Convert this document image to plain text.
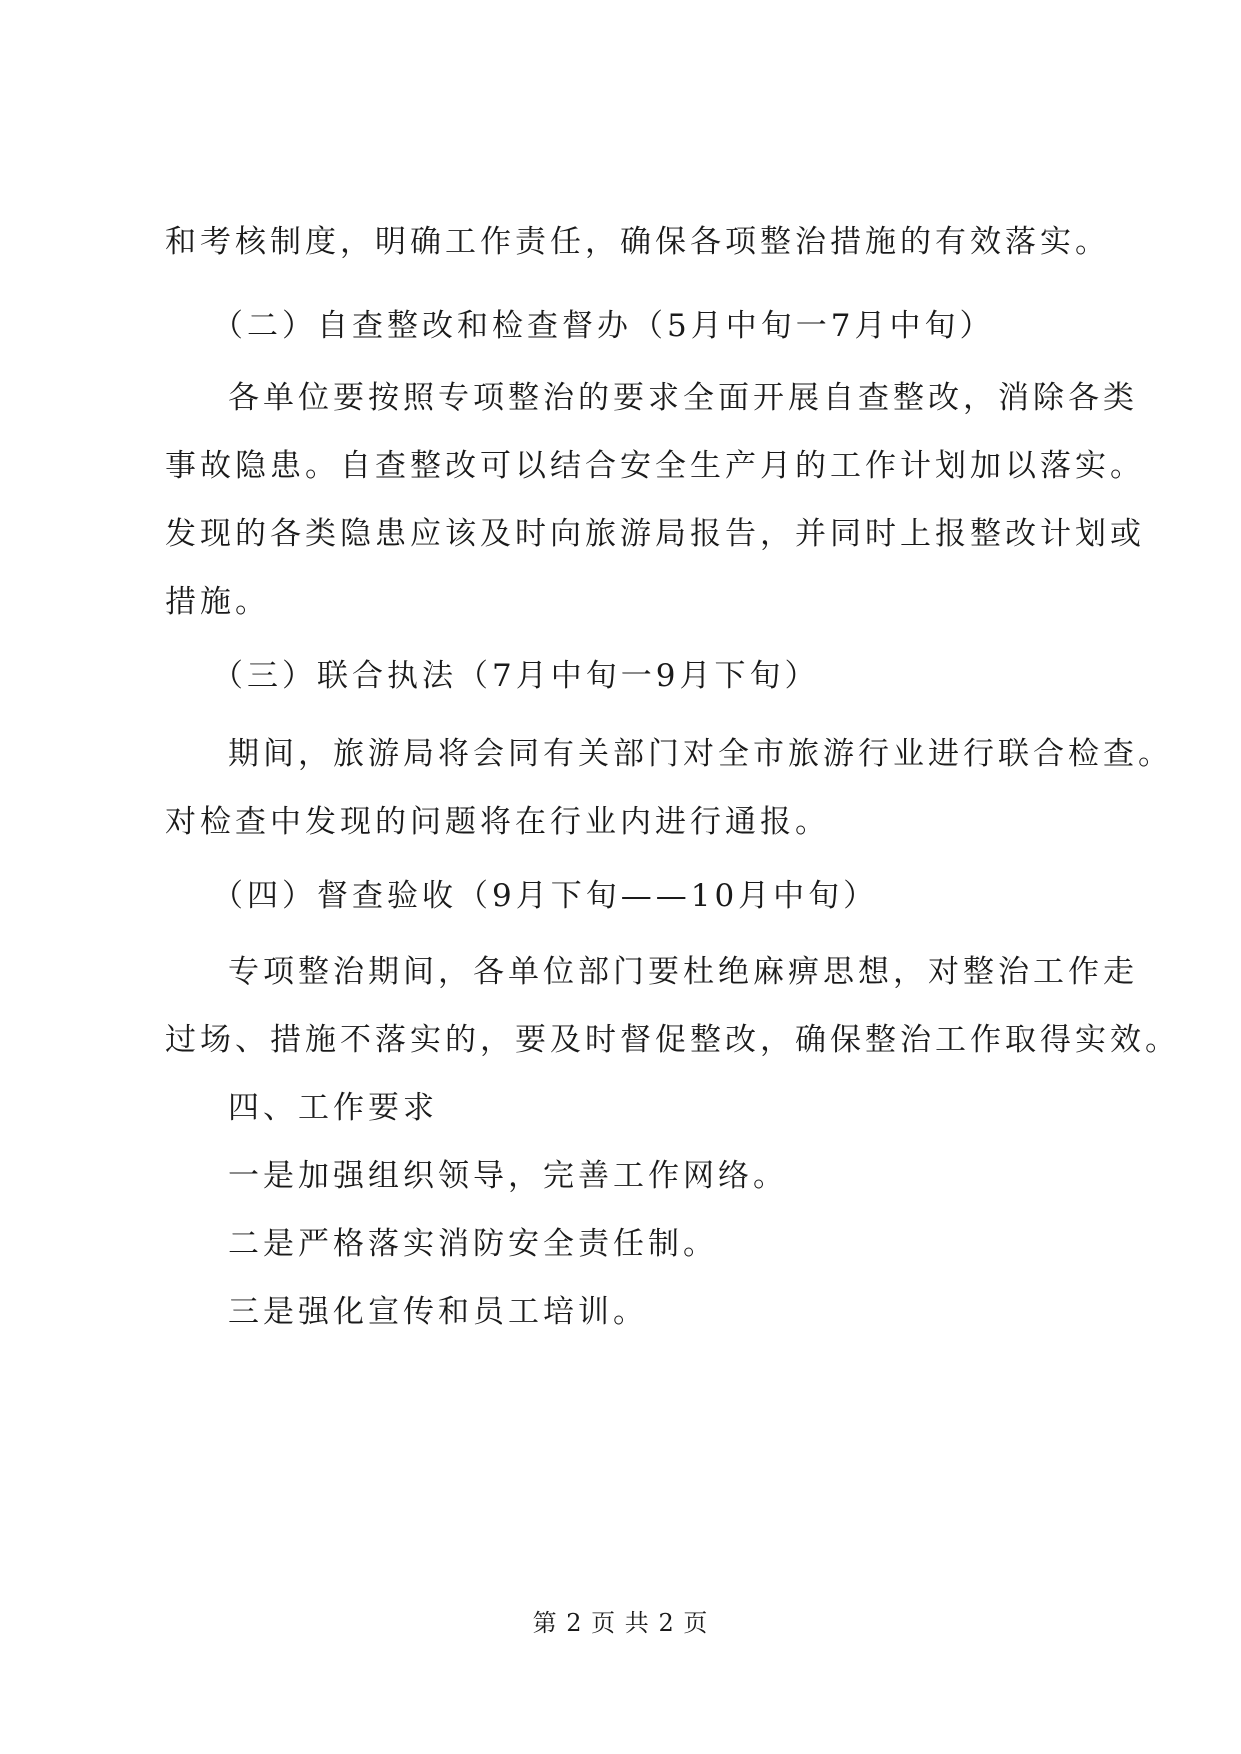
和考核制度，明确工作责任，确保各项整治措施的有效落实。
（二）自查整改和检查督办（5月中旬一7月中旬）
各单位要按照专项整治的要求全面开展自查整改，消除各类
事故隐患。自查整改可以结合安全生产月的工作计划加以落实。
发现的各类隐患应该及时向旅游局报告，并同时上报整改计划或
措施。
（三）联合执法（7月中旬一9月下旬）
期间，旅游局将会同有关部门对全市旅游行业进行联合检查。
对检查中发现的问题将在行业内进行通报。
（四）督查验收（9月下旬——10月中旬）
专项整治期间，各单位部门要杜绝麻痹思想，对整治工作走
过场、措施不落实的，要及时督促整改，确保整治工作取得实效。
四、工作要求
一是加强组织领导，完善工作网络。
二是严格落实消防安全责任制。
三是强化宣传和员工培训。
第 2 页 共 2 页
